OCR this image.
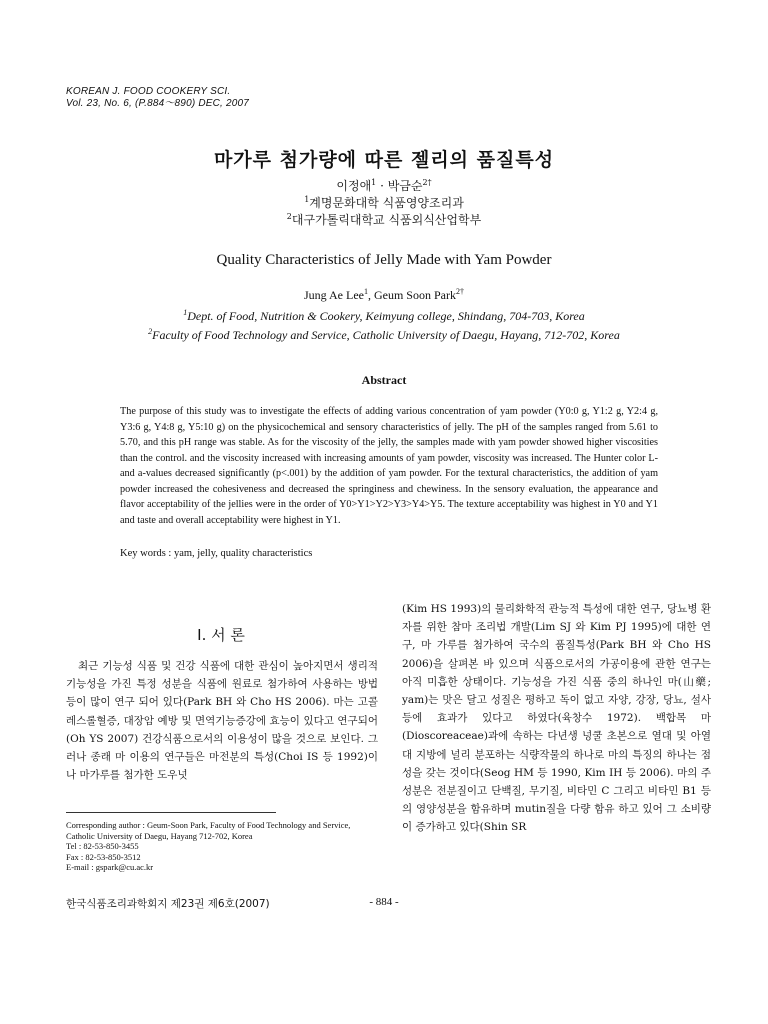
KOREAN J. FOOD COOKERY SCI.
Vol. 23, No. 6, (P.884～890) DEC, 2007
마가루 첨가량에 따른 젤리의 품질특성
이정애$^1$ · 박금순$^{2\dagger}$
$^1$계명문화대학 식품영양조리과
$^2$대구가톨릭대학교 식품외식산업학부
Quality Characteristics of Jelly Made with Yam Powder
Jung Ae Lee$^1$, Geum Soon Park$^{2\dagger}$
$^1$Dept. of Food, Nutrition & Cookery, Keimyung college, Shindang, 704-703, Korea
$^2$Faculty of Food Technology and Service, Catholic University of Daegu, Hayang, 712-702, Korea
Abstract

The purpose of this study was to investigate the effects of adding various concentration of yam powder (Y0:0 g, Y1:2 g, Y2:4 g, Y3:6 g, Y4:8 g, Y5:10 g) on the physicochemical and sensory characteristics of jelly. The pH of the samples ranged from 5.61 to 5.70, and this pH range was stable. As for the viscosity of the jelly, the samples made with yam powder showed higher viscosities than the control. and the viscosity increased with increasing amounts of yam powder, viscosity was increased. The Hunter color L- and a-values decreased significantly (p<.001) by the addition of yam powder. For the textural characteristics, the addition of yam powder increased the cohesiveness and decreased the springiness and chewiness. In the sensory evaluation, the appearance and flavor acceptability of the jellies were in the order of Y0>Y1>Y2>Y3>Y4>Y5. The texture acceptability was highest in Y0 and Y1 and taste and overall acceptability were highest in Y1.

Key words : yam, jelly, quality characteristics
Ⅰ. 서 론

최근 기능성 식품 및 건강 식품에 대한 관심이 높아지면서 생리적 기능성을 가진 특정 성분을 식품에 원료로 첨가하여 사용하는 방법 등이 많이 연구 되어 있다(Park BH 와 Cho HS 2006). 마는 고콜레스롤혈증, 대장암 예방 및 면역기능증강에 효능이 있다고 연구되어(Oh YS 2007) 건강식품으로서의 이용성이 많을 것으로 보인다. 그러나 종래 마 이용의 연구들은 마전분의 특성(Choi IS 등 1992)이나 마가루를 첨가한 도우넛

(Kim HS 1993)의 물리화학적 관능적 특성에 대한 연구, 당뇨병 환자를 위한 참마 조리법 개발(Lim SJ 와 Kim PJ 1995)에 대한 연구, 마 가루를 첨가하여 국수의 품질특성(Park BH 와 Cho HS 2006)을 살펴본 바 있으며 식품으로서의 가공이용에 관한 연구는 아직 미흡한 상태이다. 기능성을 가진 식품 중의 하나인 마(山藥; yam)는 맛은 달고 성질은 평하고 독이 없고 자양, 강장, 당뇨, 설사 등에 효과가 있다고 하였다(육창수 1972). 백합목 마(Dioscoreaceae)과에 속하는 다년생 넝쿨 초본으로 열대 및 아열대 지방에 널리 분포하는 식량작물의 하나로 마의 특징의 하나는 점성을 갖는 것이다(Seog HM 등 1990, Kim IH 등 2006). 마의 주 성분은 전분질이고 단백질, 무기질, 비타민 C 그리고 비타민 B1 등의 영양성분을 함유하며 mutin질을 다량 함유 하고 있어 그 소비량이 증가하고 있다(Shin SR

Corresponding author : Geum-Soon Park, Faculty of Food Technology and Service, Catholic University of Daegu, Hayang 712-702, Korea
Tel : 82-53-850-3455
Fax : 82-53-850-3512
E-mail : gspark@cu.ac.kr
한국식품조리과학회지 제23권 제6호(2007)	- 884 -
